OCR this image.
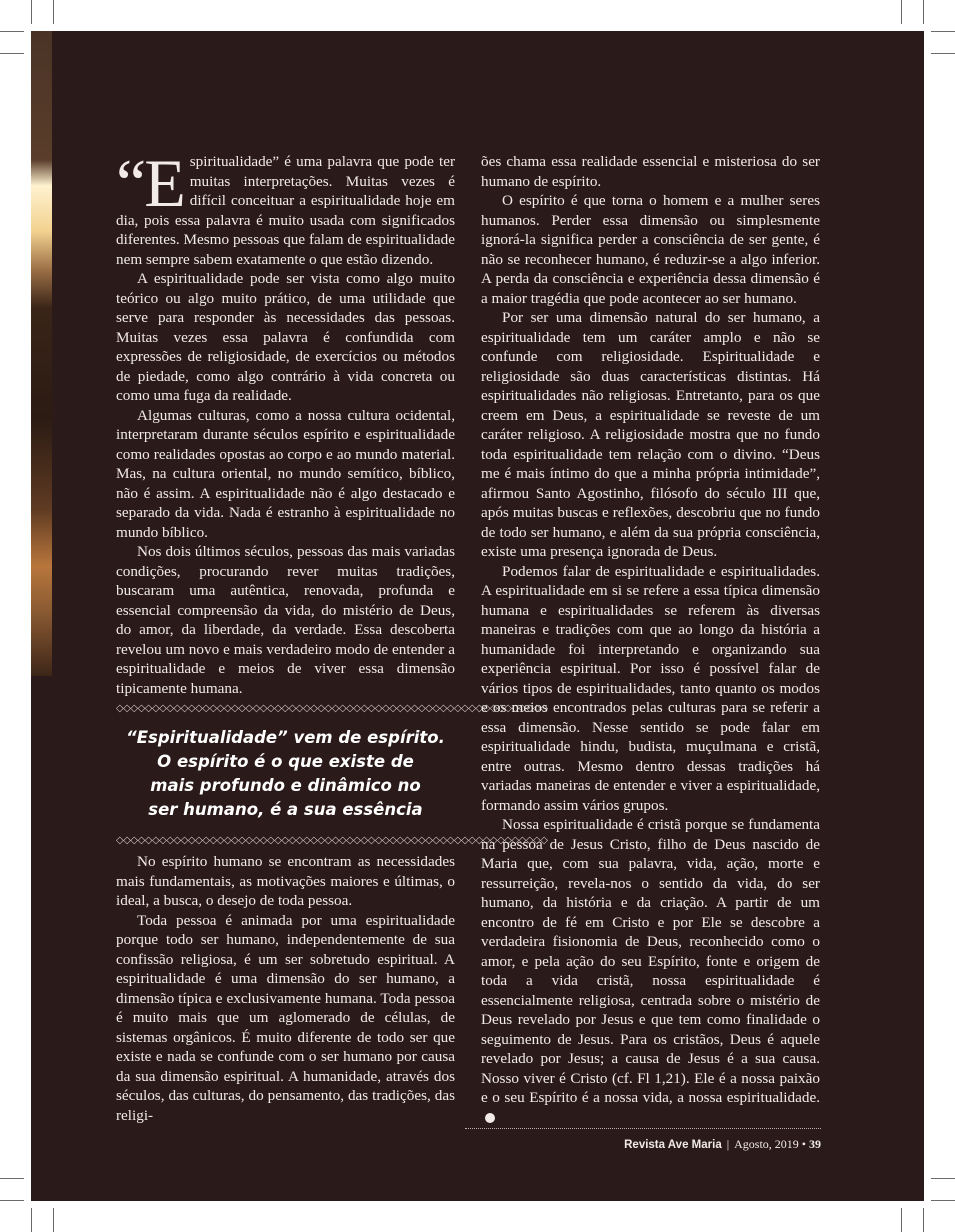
“E spiritualidade” é uma palavra que pode ter muitas interpretações. Muitas vezes é difícil conceituar a espiritualidade hoje em dia, pois essa palavra é muito usada com significados diferentes. Mesmo pessoas que falam de espiritualidade nem sempre sabem exatamente o que estão dizendo.

A espiritualidade pode ser vista como algo muito teórico ou algo muito prático, de uma utilidade que serve para responder às necessidades das pessoas. Muitas vezes essa palavra é confundida com expressões de religiosidade, de exercícios ou métodos de piedade, como algo contrário à vida concreta ou como uma fuga da realidade.

Algumas culturas, como a nossa cultura ocidental, interpretaram durante séculos espírito e espiritualidade como realidades opostas ao corpo e ao mundo material. Mas, na cultura oriental, no mundo semítico, bíblico, não é assim. A espiritualidade não é algo destacado e separado da vida. Nada é estranho à espiritualidade no mundo bíblico.

Nos dois últimos séculos, pessoas das mais variadas condições, procurando rever muitas tradições, buscaram uma autêntica, renovada, profunda e essencial compreensão da vida, do mistério de Deus, do amor, da liberdade, da verdade. Essa descoberta revelou um novo e mais verdadeiro modo de entender a espiritualidade e meios de viver essa dimensão tipicamente humana.

◇◇◇◇◇◇◇◇◇◇◇◇◇◇◇◇◇◇◇◇◇◇◇◇◇◇◇◇◇◇◇◇◇◇◇◇◇◇◇◇◇◇◇◇◇◇◇◇◇◇◇◇◇◇◇◇◇◇◇◇
“Espiritualidade” vem de espírito.
O espírito é o que existe de
mais profundo e dinâmico no
ser humano, é a sua essência
◇◇◇◇◇◇◇◇◇◇◇◇◇◇◇◇◇◇◇◇◇◇◇◇◇◇◇◇◇◇◇◇◇◇◇◇◇◇◇◇◇◇◇◇◇◇◇◇◇◇◇◇◇◇◇◇◇◇◇◇

No espírito humano se encontram as necessidades mais fundamentais, as motivações maiores e últimas, o ideal, a busca, o desejo de toda pessoa.

Toda pessoa é animada por uma espiritualidade porque todo ser humano, independentemente de sua confissão religiosa, é um ser sobretudo espiritual. A espiritualidade é uma dimensão do ser humano, a dimensão típica e exclusivamente humana. Toda pessoa é muito mais que um aglomerado de células, de sistemas orgânicos. É muito diferente de todo ser que existe e nada se confunde com o ser humano por causa da sua dimensão espiritual. A humanidade, através dos séculos, das culturas, do pensamento, das tradições, das religi-

ões chama essa realidade essencial e misteriosa do ser humano de espírito.

O espírito é que torna o homem e a mulher seres humanos. Perder essa dimensão ou simplesmente ignorá-la significa perder a consciência de ser gente, é não se reconhecer humano, é reduzir-se a algo inferior. A perda da consciência e experiência dessa dimensão é a maior tragédia que pode acontecer ao ser humano.

Por ser uma dimensão natural do ser humano, a espiritualidade tem um caráter amplo e não se confunde com religiosidade. Espiritualidade e religiosidade são duas características distintas. Há espiritualidades não religiosas. Entretanto, para os que creem em Deus, a espiritualidade se reveste de um caráter religioso. A religiosidade mostra que no fundo toda espiritualidade tem relação com o divino. “Deus me é mais íntimo do que a minha própria intimidade”, afirmou Santo Agostinho, filósofo do século III que, após muitas buscas e reflexões, descobriu que no fundo de todo ser humano, e além da sua própria consciência, existe uma presença ignorada de Deus.

Podemos falar de espiritualidade e espiritualidades. A espiritualidade em si se refere a essa típica dimensão humana e espiritualidades se referem às diversas maneiras e tradições com que ao longo da história a humanidade foi interpretando e organizando sua experiência espiritual. Por isso é possível falar de vários tipos de espiritualidades, tanto quanto os modos e os meios encontrados pelas culturas para se referir a essa dimensão. Nesse sentido se pode falar em espiritualidade hindu, budista, muçulmana e cristã, entre outras. Mesmo dentro dessas tradições há variadas maneiras de entender e viver a espiritualidade, formando assim vários grupos.

Nossa espiritualidade é cristã porque se fundamenta na pessoa de Jesus Cristo, filho de Deus nascido de Maria que, com sua palavra, vida, ação, morte e ressurreição, revela-nos o sentido da vida, do ser humano, da história e da criação. A partir de um encontro de fé em Cristo e por Ele se descobre a verdadeira fisionomia de Deus, reconhecido como o amor, e pela ação do seu Espírito, fonte e origem de toda a vida cristã, nossa espiritualidade é essencialmente religiosa, centrada sobre o mistério de Deus revelado por Jesus e que tem como finalidade o seguimento de Jesus. Para os cristãos, Deus é aquele revelado por Jesus; a causa de Jesus é a sua causa. Nosso viver é Cristo (cf. Fl 1,21). Ele é a nossa paixão e o seu Espírito é a nossa vida, a nossa espiritualidade.

Revista Ave Maria | Agosto, 2019 • 39
